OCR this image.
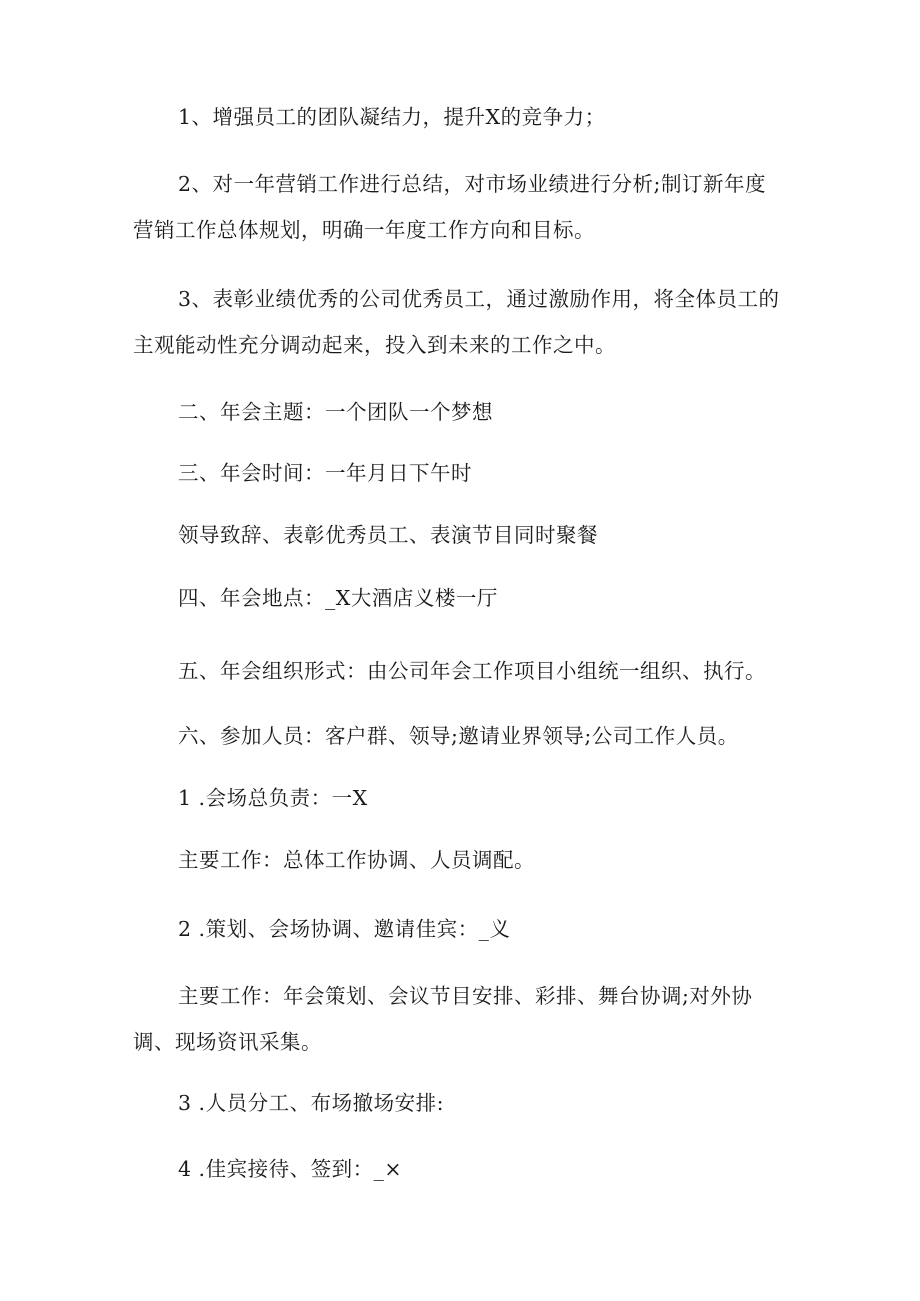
1、增强员工的团队凝结力，提升X的竞争力；

2、对一年营销工作进行总结，对市场业绩进行分析;制订新年度

营销工作总体规划，明确一年度工作方向和目标。

3、表彰业绩优秀的公司优秀员工，通过激励作用，将全体员工的

主观能动性充分调动起来，投入到未来的工作之中。

二、年会主题：一个团队一个梦想

三、年会时间：一年月日下午时

领导致辞、表彰优秀员工、表演节目同时聚餐

四、年会地点：_X大酒店义楼一厅

五、年会组织形式：由公司年会工作项目小组统一组织、执行。

六、参加人员：客户群、领导;邀请业界领导;公司工作人员。

1 .会场总负责：一X

主要工作：总体工作协调、人员调配。

2 .策划、会场协调、邀请佳宾：_义

主要工作：年会策划、会议节目安排、彩排、舞台协调;对外协

调、现场资讯采集。

3 .人员分工、布场撤场安排:

4 .佳宾接待、签到：_×
